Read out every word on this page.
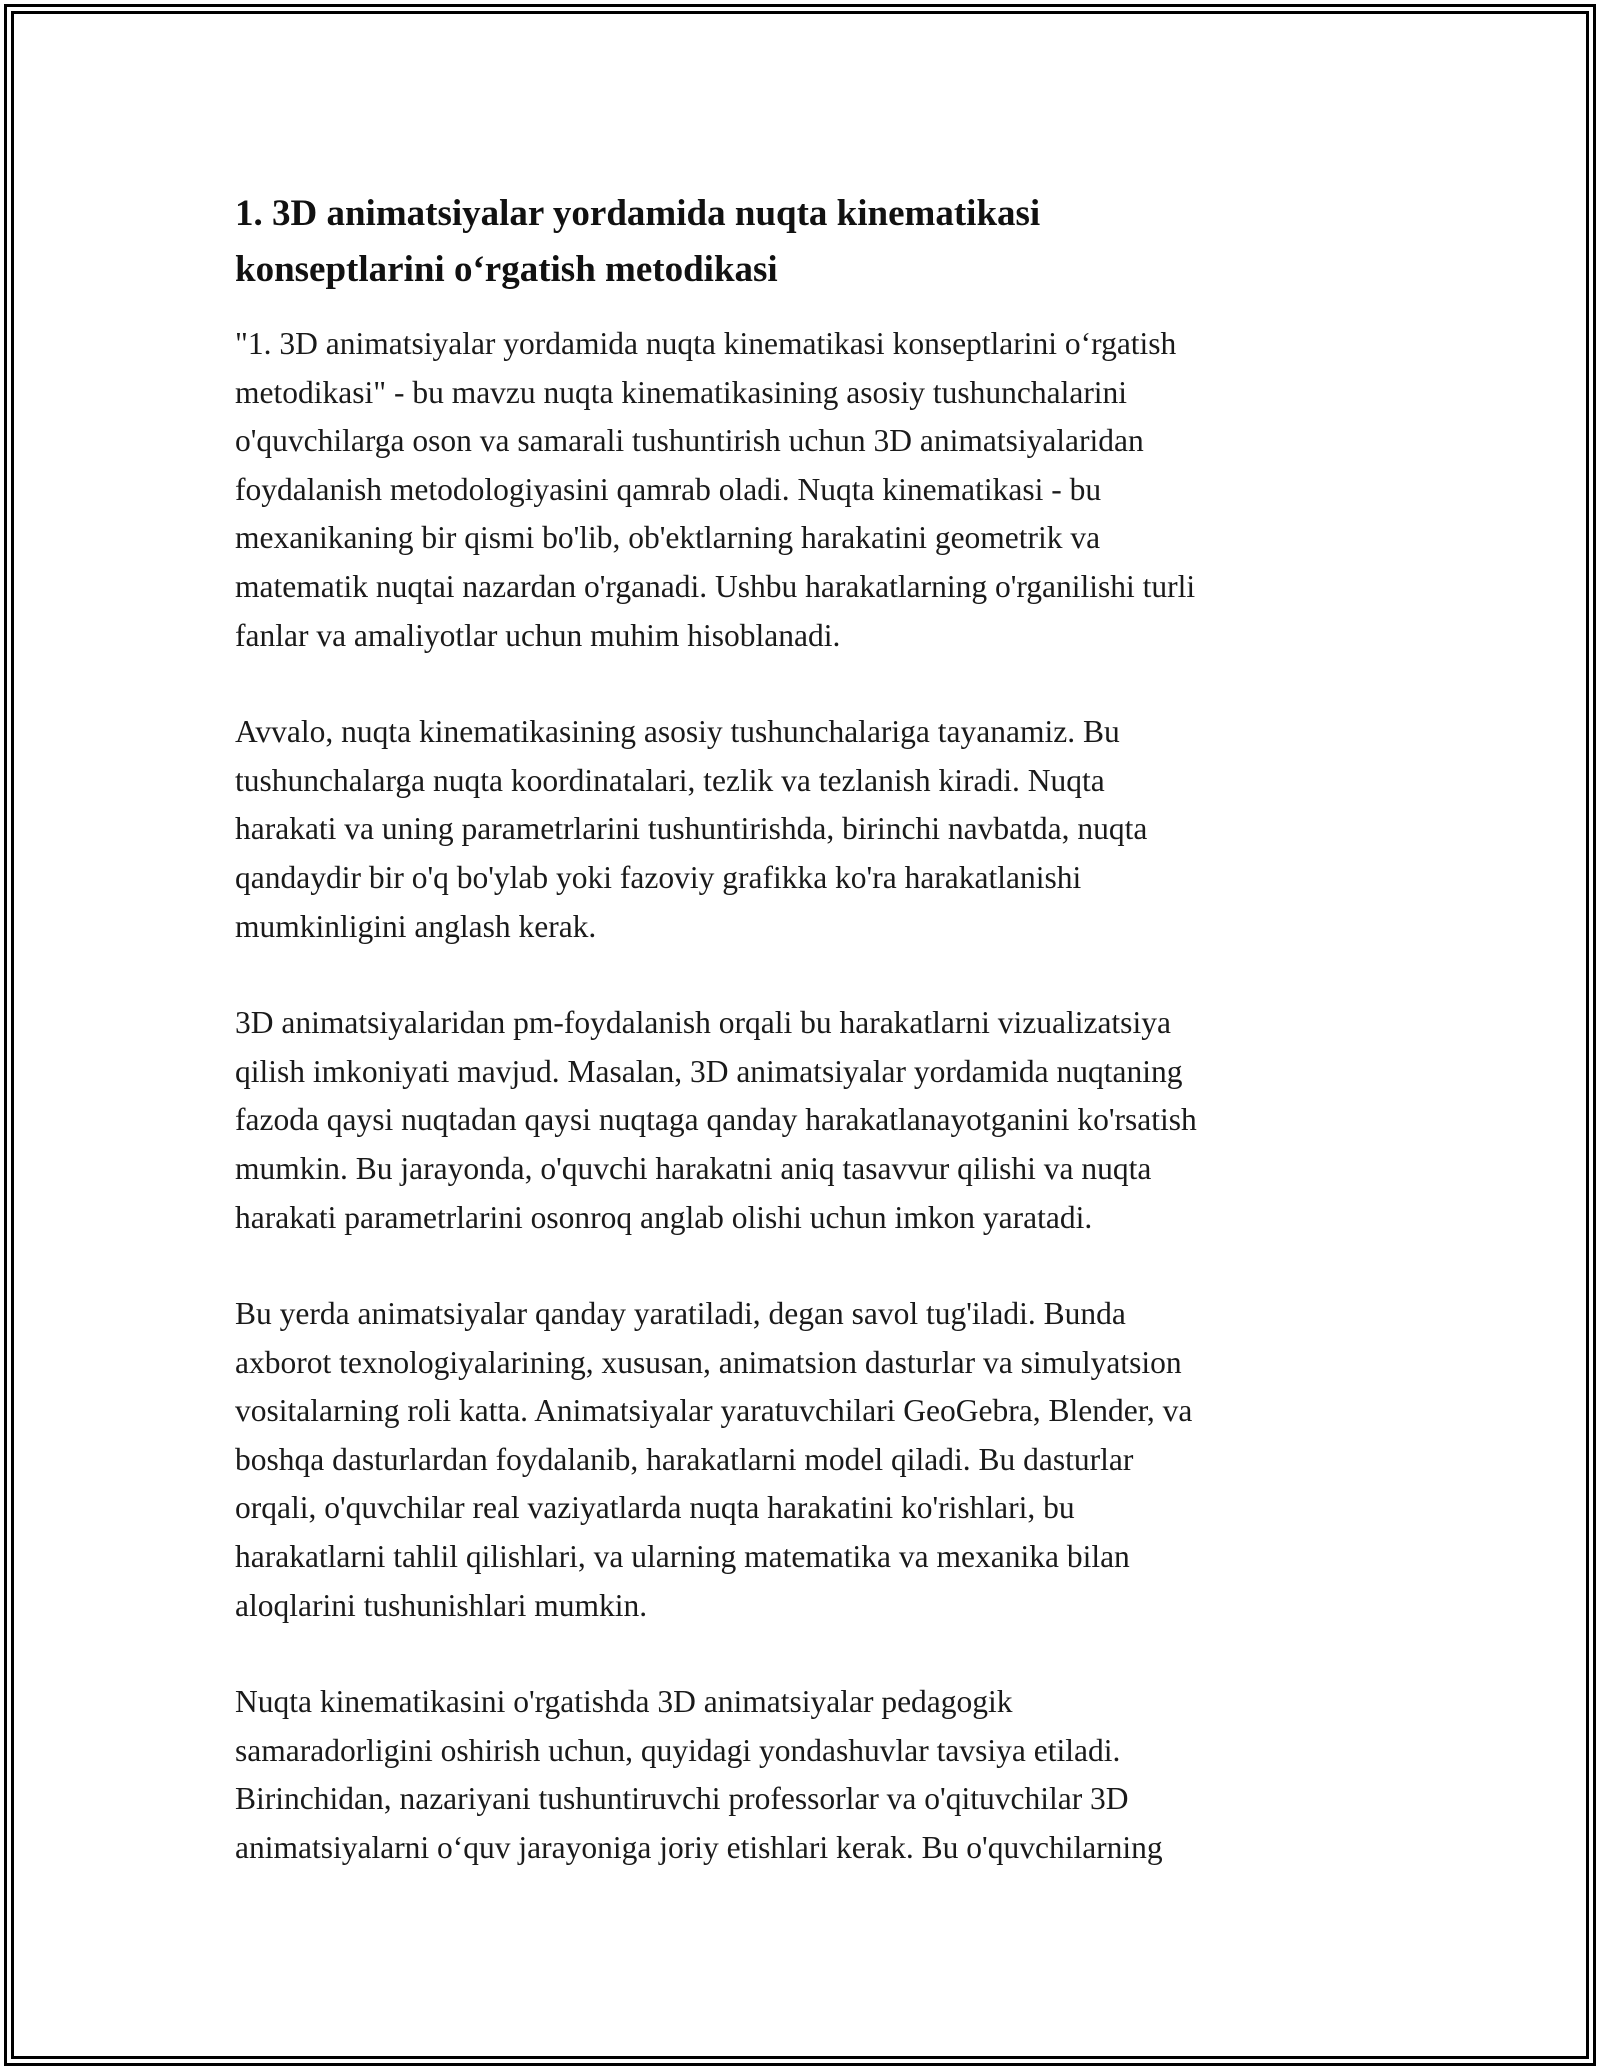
1. 3D animatsiyalar yordamida nuqta kinematikasi
konseptlarini o‘rgatish metodikasi
"1. 3D animatsiyalar yordamida nuqta kinematikasi konseptlarini o‘rgatish
metodikasi" - bu mavzu nuqta kinematikasining asosiy tushunchalarini
o'quvchilarga oson va samarali tushuntirish uchun 3D animatsiyalaridan
foydalanish metodologiyasini qamrab oladi. Nuqta kinematikasi - bu
mexanikaning bir qismi bo'lib, ob'ektlarning harakatini geometrik va
matematik nuqtai nazardan o'rganadi. Ushbu harakatlarning o'rganilishi turli
fanlar va amaliyotlar uchun muhim hisoblanadi.
Avvalo, nuqta kinematikasining asosiy tushunchalariga tayanamiz. Bu
tushunchalarga nuqta koordinatalari, tezlik va tezlanish kiradi. Nuqta
harakati va uning parametrlarini tushuntirishda, birinchi navbatda, nuqta
qandaydir bir o'q bo'ylab yoki fazoviy grafikka ko'ra harakatlanishi
mumkinligini anglash kerak.
3D animatsiyalaridan pm-foydalanish orqali bu harakatlarni vizualizatsiya
qilish imkoniyati mavjud. Masalan, 3D animatsiyalar yordamida nuqtaning
fazoda qaysi nuqtadan qaysi nuqtaga qanday harakatlanayotganini ko'rsatish
mumkin. Bu jarayonda, o'quvchi harakatni aniq tasavvur qilishi va nuqta
harakati parametrlarini osonroq anglab olishi uchun imkon yaratadi.
Bu yerda animatsiyalar qanday yaratiladi, degan savol tug'iladi. Bunda
axborot texnologiyalarining, xususan, animatsion dasturlar va simulyatsion
vositalarning roli katta. Animatsiyalar yaratuvchilari GeoGebra, Blender, va
boshqa dasturlardan foydalanib, harakatlarni model qiladi. Bu dasturlar
orqali, o'quvchilar real vaziyatlarda nuqta harakatini ko'rishlari, bu
harakatlarni tahlil qilishlari, va ularning matematika va mexanika bilan
aloqlarini tushunishlari mumkin.
Nuqta kinematikasini o'rgatishda 3D animatsiyalar pedagogik
samaradorligini oshirish uchun, quyidagi yondashuvlar tavsiya etiladi.
Birinchidan, nazariyani tushuntiruvchi professorlar va o'qituvchilar 3D
animatsiyalarni o‘quv jarayoniga joriy etishlari kerak. Bu o'quvchilarning
